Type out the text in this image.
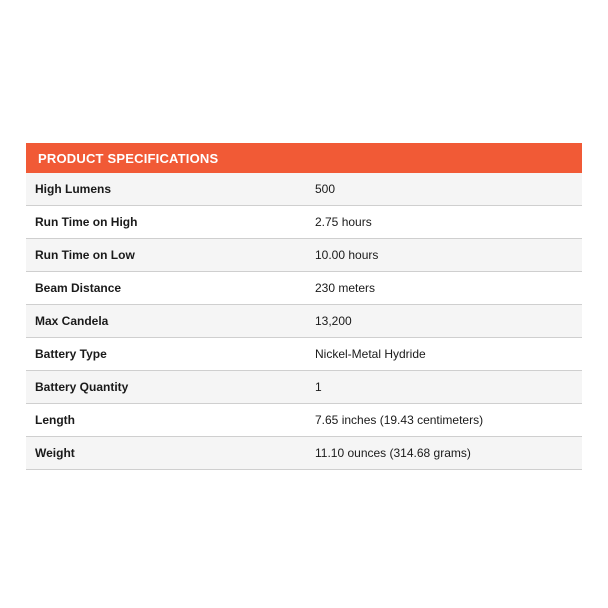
PRODUCT SPECIFICATIONS
High Lumens	500
Run Time on High	2.75 hours
Run Time on Low	10.00 hours
Beam Distance	230 meters
Max Candela	13,200
Battery Type	Nickel-Metal Hydride
Battery Quantity	1
Length	7.65 inches (19.43 centimeters)
Weight	11.10 ounces (314.68 grams)
